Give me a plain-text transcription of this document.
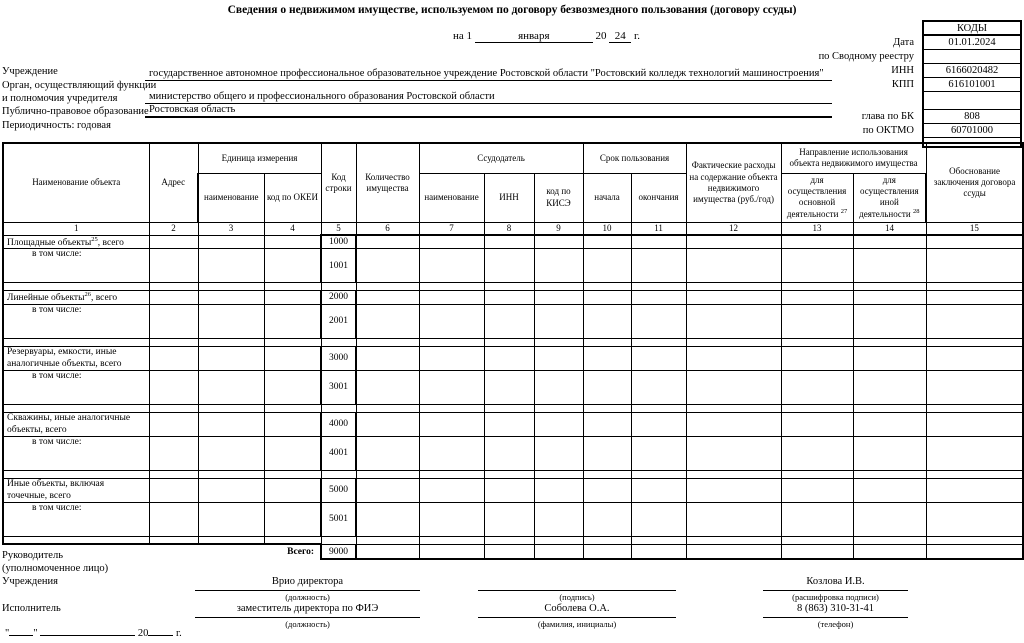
Сведения о недвижимом имуществе, используемом по договору безвозмездного пользования (договору ссуды)
на 1	января	20 24 г.
	КОДЫ
Дата	01.01.2024
по Сводному реестру	
ИНН	6166020482
КПП	616101001

глава по БК	808
по ОКТМО	60701000

Учреждение	государственное автономное профессиональное образовательное учреждение Ростовской области "Ростовский колледж технологий машиностроения"
Орган, осуществляющий функции
и полномочия учредителя	министерство общего и профессионального образования Ростовской области
Публично-правовое образование Ростовская область
Периодичность: годовая
Наименование объекта	Адрес	Единица измерения		Код строки	Количество имущества	Ссудодатель			Срок пользования		Фактические расходы на содержание объекта недвижимого имущества (руб./год)	Направление использования объекта недвижимого имущества		Обоснование заключения договора ссуды
		наименование	код по ОКЕИ			наименование	ИНН	код по КИСЭ	начала	окончания		для осуществления основной деятельности $^{27}$	для осуществления иной деятельности $^{28}$
1	2	3	4	5	6	7	8	9	10	11	12	13	14	15
Площадные объекты$^{25}$, всего				1000										
в том числе:				1001										

Линейные объекты$^{26}$, всего				2000										
в том числе:				2001										

Резервуары, емкости, иные аналогичные объекты, всего				3000										
в том числе:				3001										

Скважины, иные аналогичные объекты, всего				4000										
в том числе:				4001										

Иные объекты, включая точечные, всего				5000										
в том числе:				5001										

Всего:				9000										
Руководитель
(уполномоченное лицо)
Учреждения
Исполнитель
Врио директора
(должность)	(подпись)
Козлова И.В.
(расшифровка подписи)
заместитель директора по ФИЭ
(должность)
Соболева О.А.
(фамилия, инициалы)
8 (863) 310-31-41
(телефон)
" "	20	г.
